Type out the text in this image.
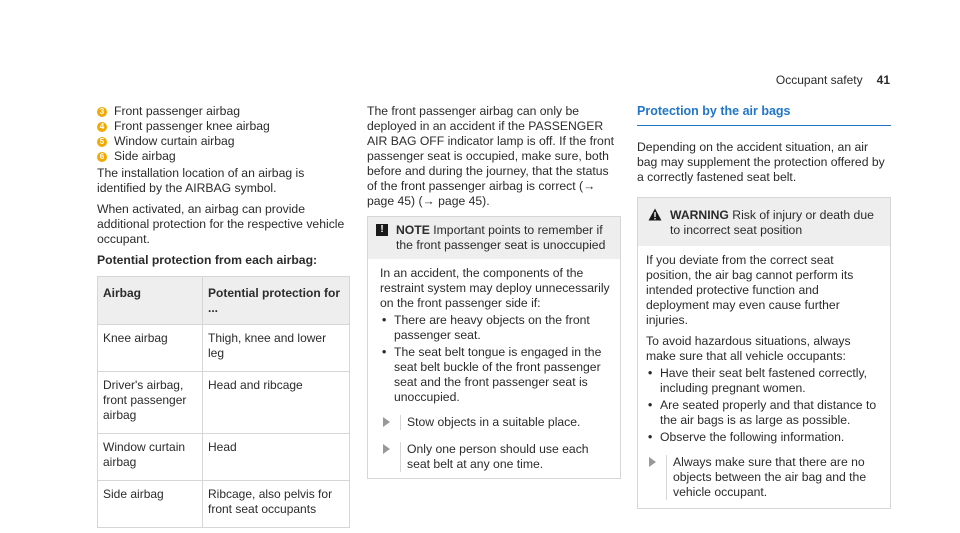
Occupant safety 41
3 Front passenger airbag
4 Front passenger knee airbag
5 Window curtain airbag
6 Side airbag

The installation location of an airbag is identified by the AIRBAG symbol.

When activated, an airbag can provide additional protection for the respective vehicle occupant.

Potential protection from each airbag:

Airbag	Potential protection for ...
Knee airbag	Thigh, knee and lower leg
Driver's airbag, front passenger airbag	Head and ribcage
Window curtain airbag	Head
Side airbag	Ribcage, also pelvis for front seat occupants

The front passenger airbag can only be deployed in an accident if the PASSENGER AIR BAG OFF indicator lamp is off. If the front passenger seat is occupied, make sure, both before and during the journey, that the status of the front passenger airbag is correct (→ page 45) (→ page 45).

!	NOTE Important points to remember if the front passenger seat is unoccupied

In an accident, the components of the restraint system may deploy unnecessarily on the front passenger side if:

• There are heavy objects on the front passenger seat.
• The seat belt tongue is engaged in the seat belt buckle of the front passenger seat and the front passenger seat is unoccupied.
Stow objects in a suitable place.
Only one person should use each seat belt at any one time.
Protection by the air bags

Depending on the accident situation, an air bag may supplement the protection offered by a correctly fastened seat belt.

WARNING Risk of injury or death due to incorrect seat position

If you deviate from the correct seat position, the air bag cannot perform its intended protective function and deployment may even cause further injuries.

To avoid hazardous situations, always make sure that all vehicle occupants:

• Have their seat belt fastened correctly, including pregnant women.
• Are seated properly and that distance to the air bags is as large as possible.
• Observe the following information.
Always make sure that there are no objects between the air bag and the vehicle occupant.
